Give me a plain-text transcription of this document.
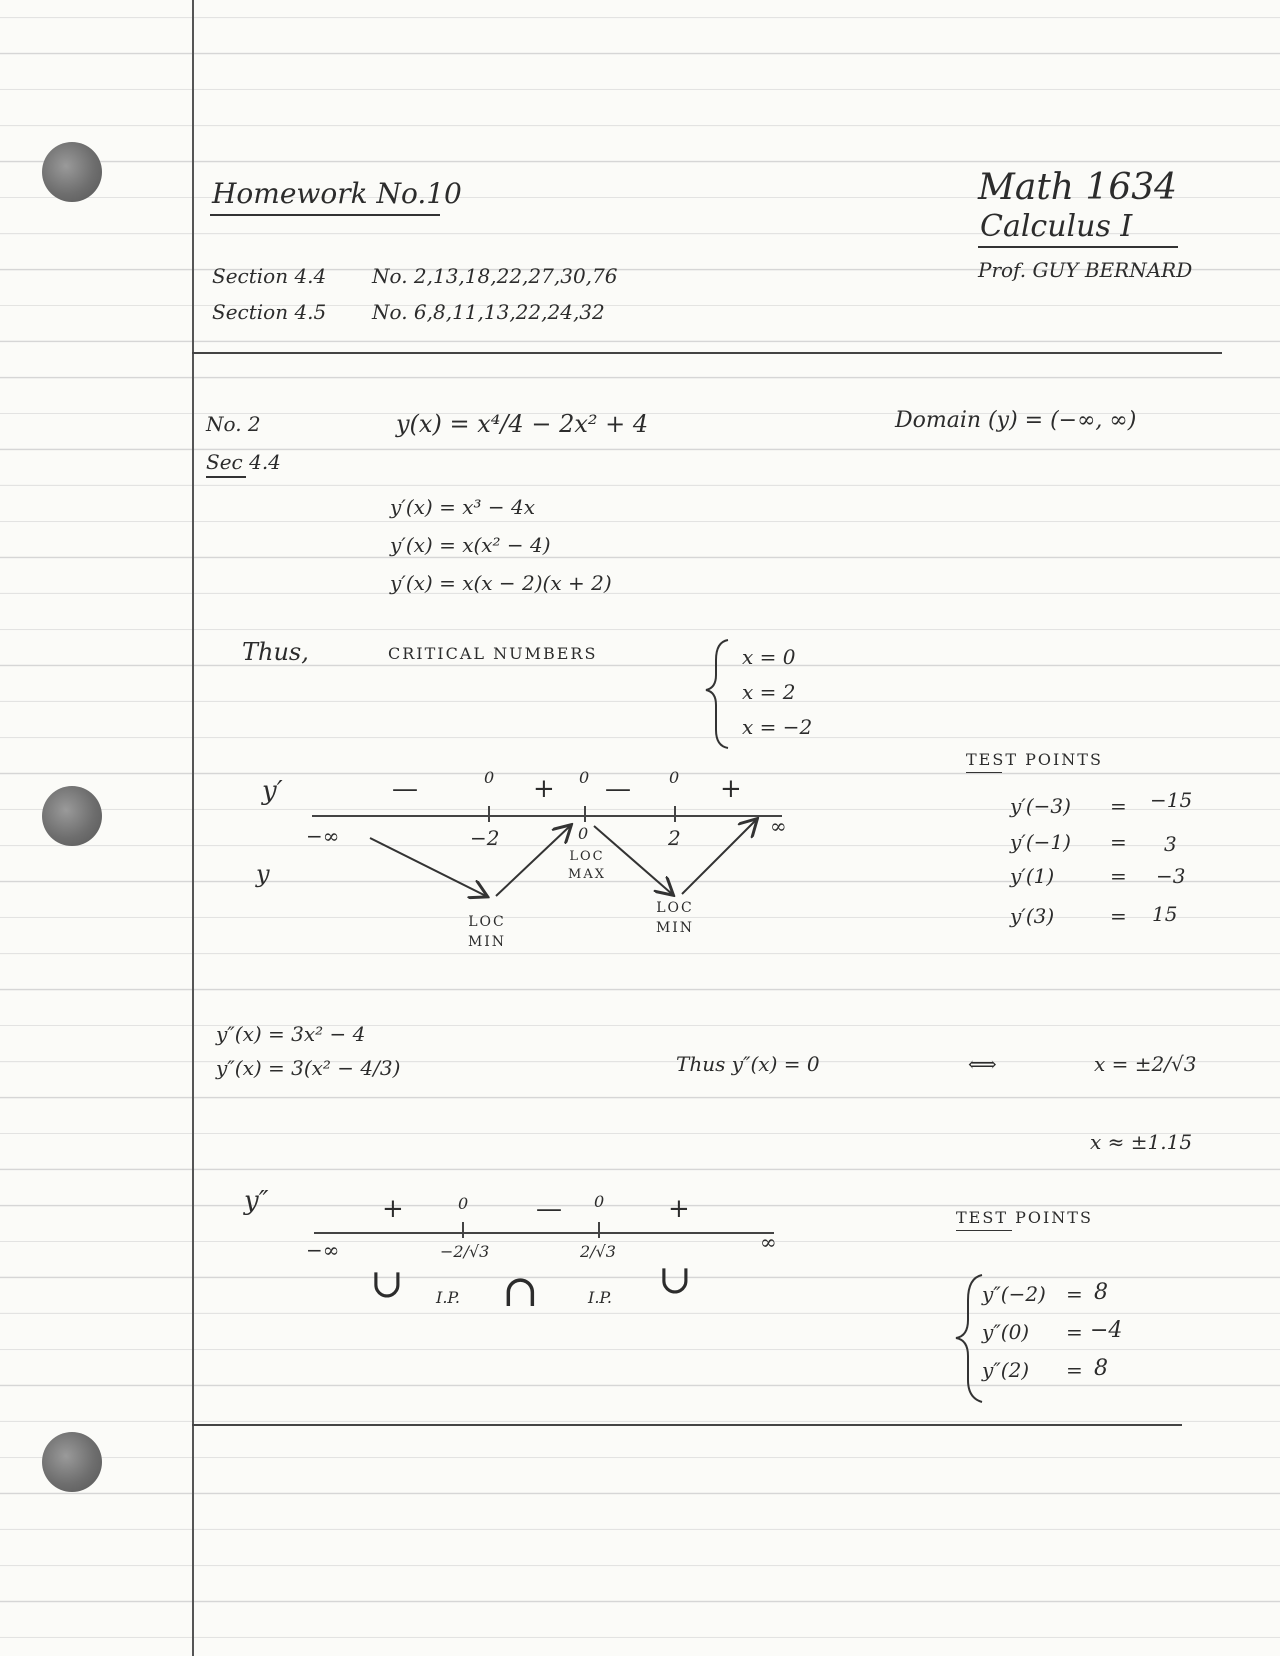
Homework No.10	Math 1634
Calculus I
Prof. GUY BERNARD
Section 4.4 No. 2,13,18,22,27,30,76
Section 4.5 No. 6,8,11,13,22,24,32
No. 2
Sec 4.4
y(x) = x⁴/4 − 2x² + 4	Domain (y) = (−∞, ∞)
y′(x) = x³ − 4x
y′(x) = x(x² − 4)
y′(x) = x(x − 2)(x + 2)
Thus,	CRITICAL NUMBERS	x = 0
x = 2
x = −2
y′
y
—	+ —	+
0	0	0
−∞	−2	0	2	∞
LOC MIN
LOC MAX
LOC MIN
TEST POINTS
y′(−3) = −15
y′(−1) = 3
y′(1)	= −3
y′(3)	= 15
y″(x) = 3x² − 4
y″(x) = 3(x² − 4/3)	Thus y″(x) = 0	⟺	x = ±2/√3
x ≈ ±1.15
y″	+	—	+
0	0
−∞	−2/√3	2/√3	∞
∪ ∩	∪
I.P.	I.P.
TEST POINTS
y″(−2) = 8
y″(0) = −4
y″(2) = 8
